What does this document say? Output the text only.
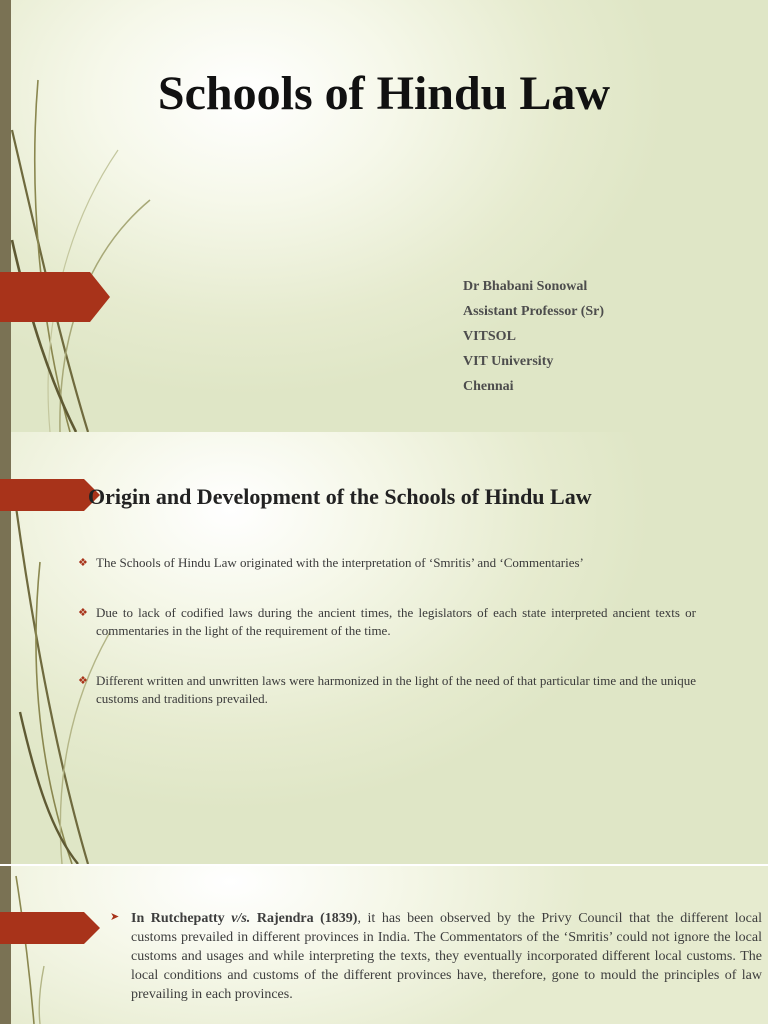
Schools of Hindu Law
Dr Bhabani Sonowal
Assistant Professor (Sr)
VITSOL
VIT University
Chennai
Origin and Development of the Schools of Hindu Law
❖ The Schools of Hindu Law originated with the interpretation of ‘Smritis’ and ‘Commentaries’
❖ Due to lack of codified laws during the ancient times, the legislators of each state interpreted ancient texts or commentaries in the light of the requirement of the time.
❖ Different written and unwritten laws were harmonized in the light of the need of that particular time and the unique customs and traditions prevailed.
➤ In Rutchepatty v/s. Rajendra (1839), it has been observed by the Privy Council that the different local customs prevailed in different provinces in India. The Commentators of the ‘Smritis’ could not ignore the local customs and usages and while interpreting the texts, they eventually incorporated different local customs. The local conditions and customs of the different provinces have, therefore, gone to mould the principles of law prevailing in each provinces.
